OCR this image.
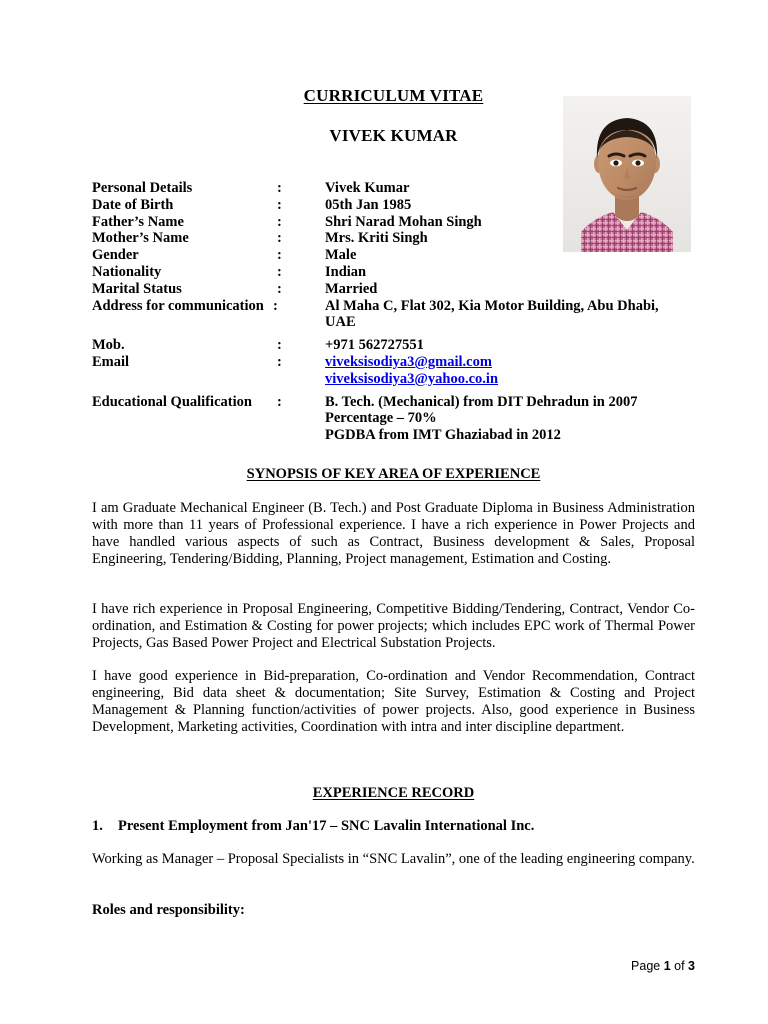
CURRICULUM VITAE
VIVEK KUMAR
Personal Details	:	Vivek Kumar
Date of Birth	:	05th Jan 1985
Father’s Name	:	Shri Narad Mohan Singh
Mother’s Name	:	Mrs. Kriti Singh
Gender	:	Male
Nationality	:	Indian
Marital Status	:	Married
Address for communication :	Al Maha C, Flat 302, Kia Motor Building, Abu Dhabi,
UAE
Mob.	:	+971 562727551
Email	:	viveksisodiya3@gmail.com
viveksisodiya3@yahoo.co.in
Educational Qualification	:	B. Tech. (Mechanical) from DIT Dehradun in 2007
Percentage – 70%
PGDBA from IMT Ghaziabad in 2012
SYNOPSIS OF KEY AREA OF EXPERIENCE
I am Graduate Mechanical Engineer (B. Tech.) and Post Graduate Diploma in Business Administration with more than 11 years of Professional experience. I have a rich experience in Power Projects and have handled various aspects of such as Contract, Business development & Sales, Proposal Engineering, Tendering/Bidding, Planning, Project management, Estimation and Costing.
I have rich experience in Proposal Engineering, Competitive Bidding/Tendering, Contract, Vendor Co-ordination, and Estimation & Costing for power projects; which includes EPC work of Thermal Power Projects, Gas Based Power Project and Electrical Substation Projects.
I have good experience in Bid-preparation, Co-ordination and Vendor Recommendation, Contract engineering, Bid data sheet & documentation; Site Survey, Estimation & Costing and Project Management & Planning function/activities of power projects. Also, good experience in Business Development, Marketing activities, Coordination with intra and inter discipline department.
EXPERIENCE RECORD
1.	Present Employment from Jan'17 – SNC Lavalin International Inc.
Working as Manager – Proposal Specialists in “SNC Lavalin”, one of the leading engineering company.
Roles and responsibility:
Page 1 of 3
